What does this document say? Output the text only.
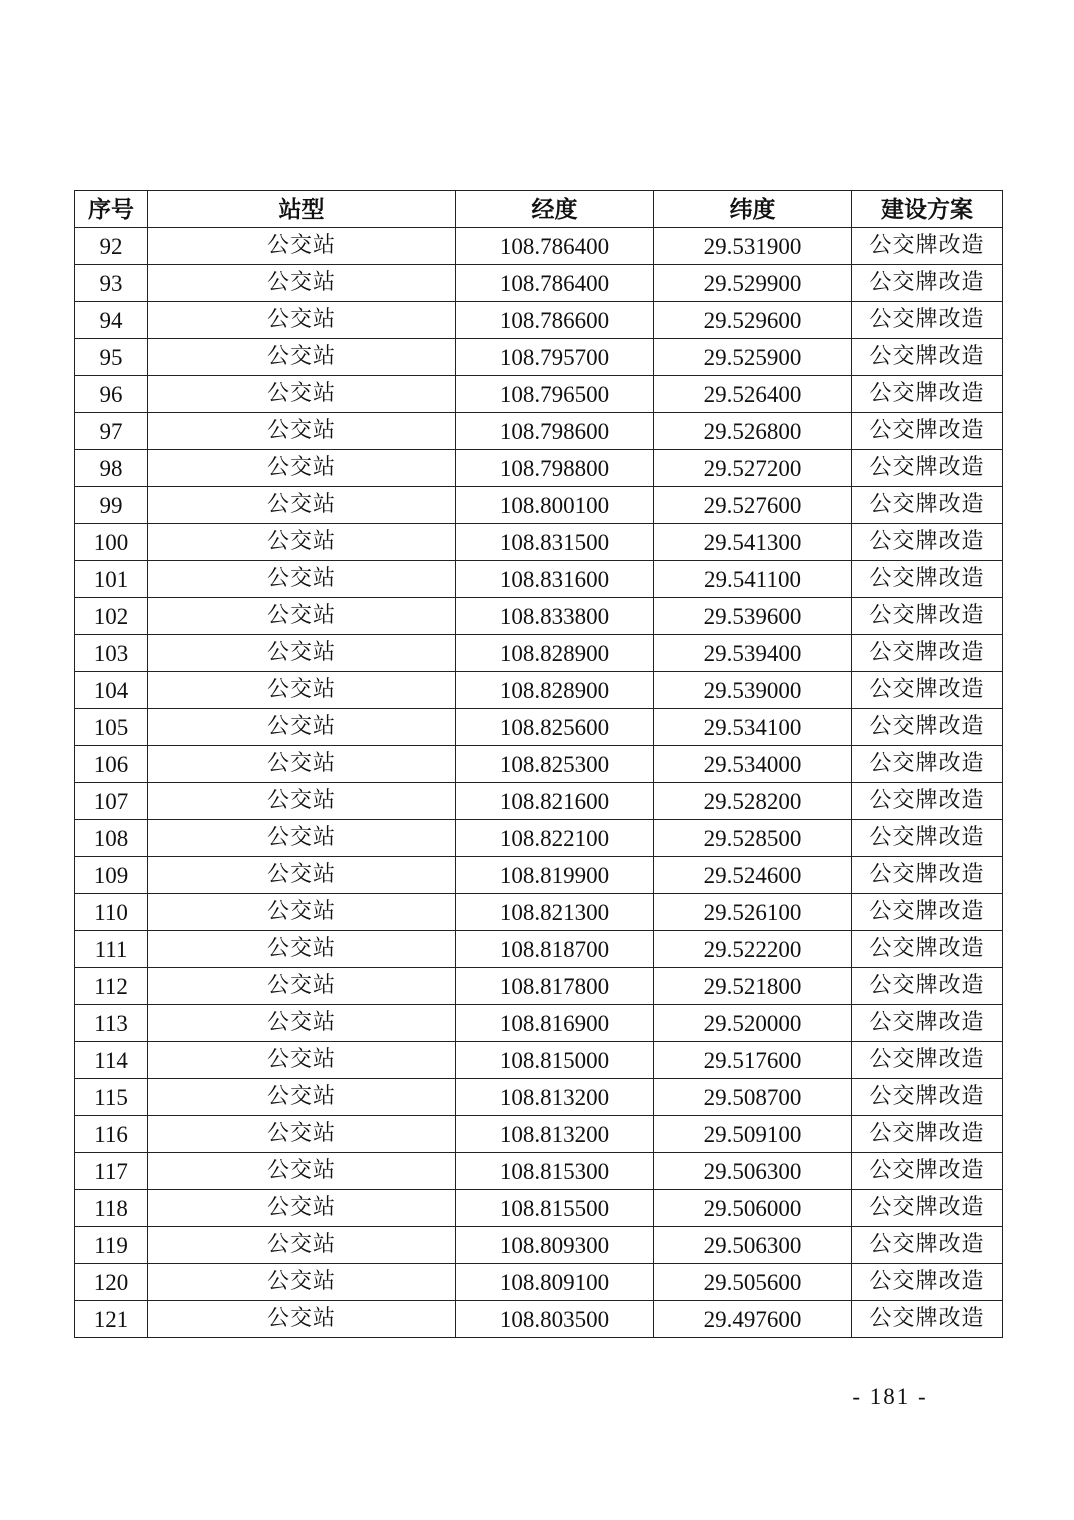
序号	站型	经度	纬度	建设方案
92	公交站	108.786400	29.531900	公交牌改造
93	公交站	108.786400	29.529900	公交牌改造
94	公交站	108.786600	29.529600	公交牌改造
95	公交站	108.795700	29.525900	公交牌改造
96	公交站	108.796500	29.526400	公交牌改造
97	公交站	108.798600	29.526800	公交牌改造
98	公交站	108.798800	29.527200	公交牌改造
99	公交站	108.800100	29.527600	公交牌改造
100	公交站	108.831500	29.541300	公交牌改造
101	公交站	108.831600	29.541100	公交牌改造
102	公交站	108.833800	29.539600	公交牌改造
103	公交站	108.828900	29.539400	公交牌改造
104	公交站	108.828900	29.539000	公交牌改造
105	公交站	108.825600	29.534100	公交牌改造
106	公交站	108.825300	29.534000	公交牌改造
107	公交站	108.821600	29.528200	公交牌改造
108	公交站	108.822100	29.528500	公交牌改造
109	公交站	108.819900	29.524600	公交牌改造
110	公交站	108.821300	29.526100	公交牌改造
111	公交站	108.818700	29.522200	公交牌改造
112	公交站	108.817800	29.521800	公交牌改造
113	公交站	108.816900	29.520000	公交牌改造
114	公交站	108.815000	29.517600	公交牌改造
115	公交站	108.813200	29.508700	公交牌改造
116	公交站	108.813200	29.509100	公交牌改造
117	公交站	108.815300	29.506300	公交牌改造
118	公交站	108.815500	29.506000	公交牌改造
119	公交站	108.809300	29.506300	公交牌改造
120	公交站	108.809100	29.505600	公交牌改造
121	公交站	108.803500	29.497600	公交牌改造
- 181 -
